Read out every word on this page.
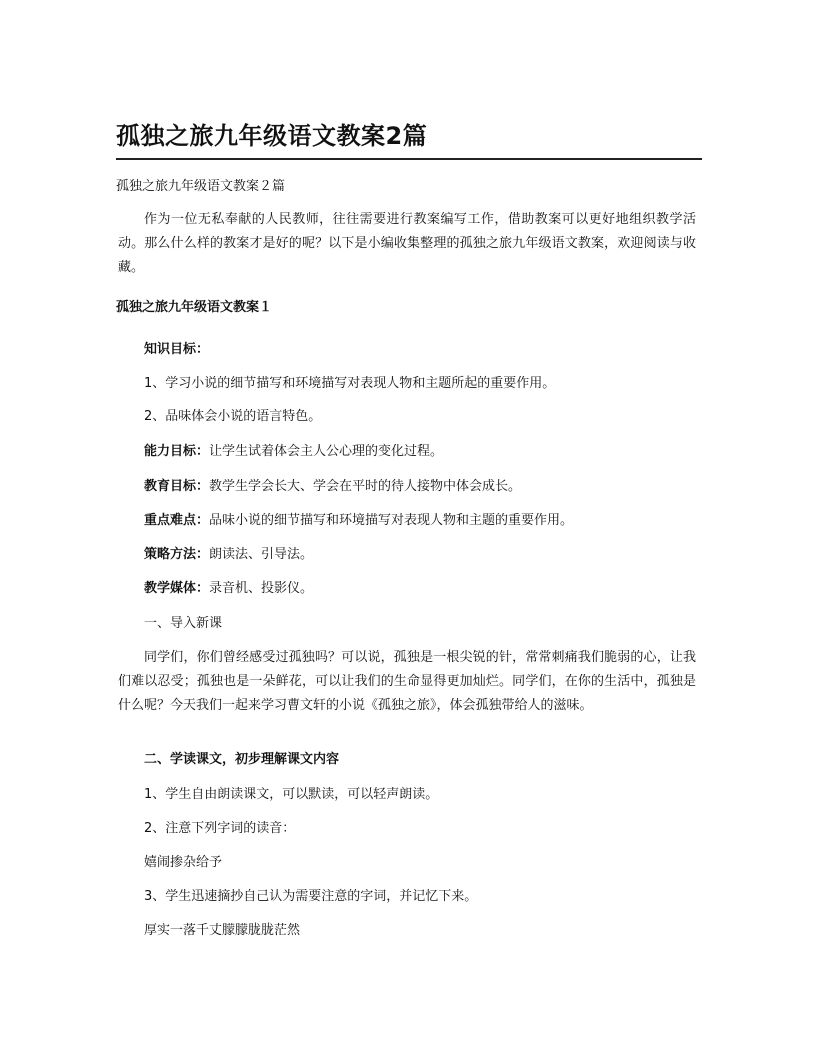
孤独之旅九年级语文教案2篇
孤独之旅九年级语文教案２篇
作为一位无私奉献的人民教师，往往需要进行教案编写工作，借助教案可以更好地组织教学活动。那么什么样的教案才是好的呢？以下是小编收集整理的孤独之旅九年级语文教案，欢迎阅读与收藏。
孤独之旅九年级语文教案１
知识目标：
1、学习小说的细节描写和环境描写对表现人物和主题所起的重要作用。
2、品味体会小说的语言特色。
能力目标：让学生试着体会主人公心理的变化过程。
教育目标：教学生学会长大、学会在平时的待人接物中体会成长。
重点难点：品味小说的细节描写和环境描写对表现人物和主题的重要作用。
策略方法：朗读法、引导法。
教学媒体：录音机、投影仪。
一、导入新课
同学们，你们曾经感受过孤独吗？可以说，孤独是一根尖锐的针，常常刺痛我们脆弱的心，让我们难以忍受；孤独也是一朵鲜花，可以让我们的生命显得更加灿烂。同学们，在你的生活中，孤独是什么呢？今天我们一起来学习曹文轩的小说《孤独之旅》，体会孤独带给人的滋味。
二、学读课文，初步理解课文内容
1、学生自由朗读课文，可以默读，可以轻声朗读。
2、注意下列字词的读音：
嬉闹掺杂给予
3、学生迅速摘抄自己认为需要注意的字词，并记忆下来。
厚实一落千丈朦朦胧胧茫然
